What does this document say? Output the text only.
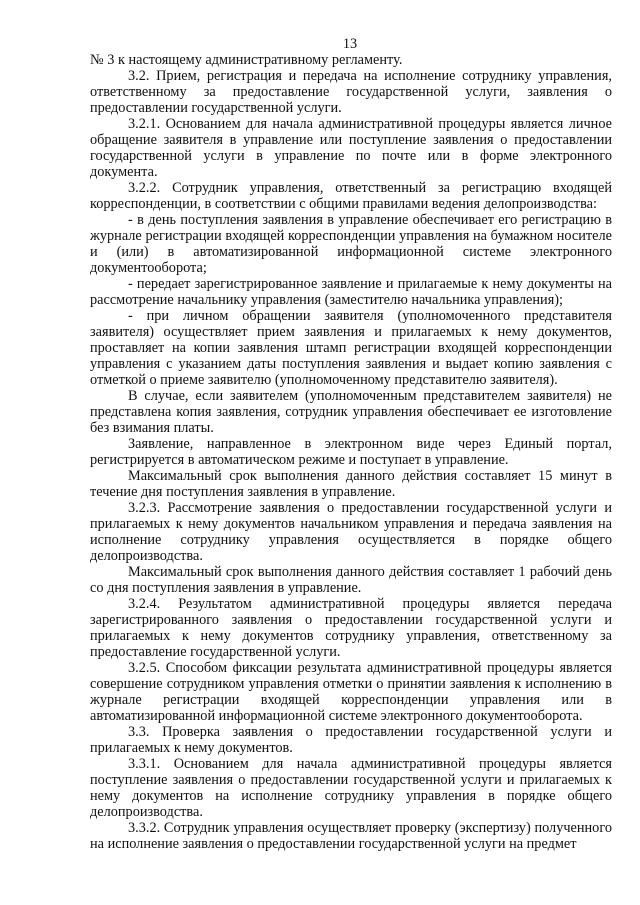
13

№ 3 к настоящему административному регламенту.

3.2. Прием, регистрация и передача на исполнение сотруднику управления, ответственному за предоставление государственной услуги, заявления о предоставлении государственной услуги.

3.2.1. Основанием для начала административной процедуры является личное обращение заявителя в управление или поступление заявления о предоставлении государственной услуги в управление по почте или в форме электронного документа.

3.2.2. Сотрудник управления, ответственный за регистрацию входящей корреспонденции, в соответствии с общими правилами ведения делопроизводства:

- в день поступления заявления в управление обеспечивает его регистрацию в журнале регистрации входящей корреспонденции управления на бумажном носителе и (или) в автоматизированной информационной системе электронного документооборота;

- передает зарегистрированное заявление и прилагаемые к нему документы на рассмотрение начальнику управления (заместителю начальника управления);

- при личном обращении заявителя (уполномоченного представителя заявителя) осуществляет прием заявления и прилагаемых к нему документов, проставляет на копии заявления штамп регистрации входящей корреспонденции управления с указанием даты поступления заявления и выдает копию заявления с отметкой о приеме заявителю (уполномоченному представителю заявителя).

В случае, если заявителем (уполномоченным представителем заявителя) не представлена копия заявления, сотрудник управления обеспечивает ее изготовление без взимания платы.

Заявление, направленное в электронном виде через Единый портал, регистрируется в автоматическом режиме и поступает в управление.

Максимальный срок выполнения данного действия составляет 15 минут в течение дня поступления заявления в управление.

3.2.3. Рассмотрение заявления о предоставлении государственной услуги и прилагаемых к нему документов начальником управления и передача заявления на исполнение сотруднику управления осуществляется в порядке общего делопроизводства.

Максимальный срок выполнения данного действия составляет 1 рабочий день со дня поступления заявления в управление.

3.2.4. Результатом административной процедуры является передача зарегистрированного заявления о предоставлении государственной услуги и прилагаемых к нему документов сотруднику управления, ответственному за предоставление государственной услуги.

3.2.5. Способом фиксации результата административной процедуры является совершение сотрудником управления отметки о принятии заявления к исполнению в журнале регистрации входящей корреспонденции управления или в автоматизированной информационной системе электронного документооборота.

3.3. Проверка заявления о предоставлении государственной услуги и прилагаемых к нему документов.

3.3.1. Основанием для начала административной процедуры является поступление заявления о предоставлении государственной услуги и прилагаемых к нему документов на исполнение сотруднику управления в порядке общего делопроизводства.

3.3.2. Сотрудник управления осуществляет проверку (экспертизу) полученного на исполнение заявления о предоставлении государственной услуги на предмет
